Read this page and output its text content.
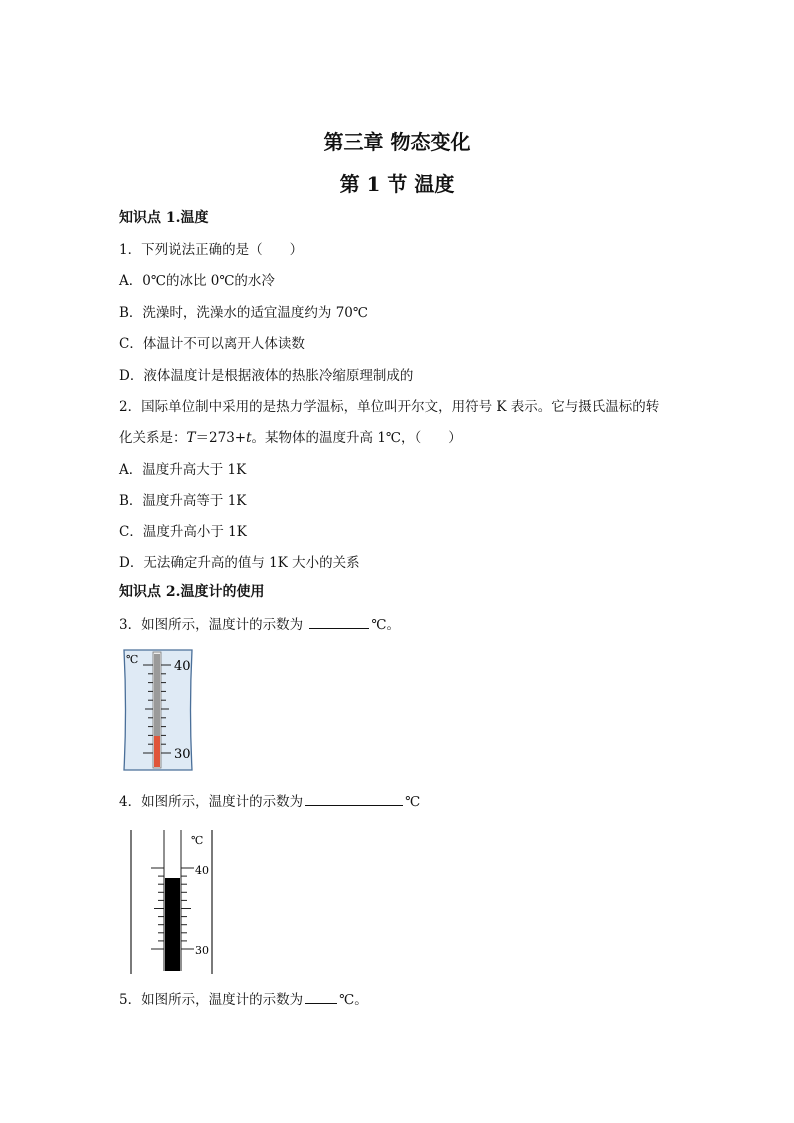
第三章 物态变化
第 1 节 温度
知识点 1.温度
1．下列说法正确的是（　　）
A．0℃的冰比 0℃的水冷
B．洗澡时，洗澡水的适宜温度约为 70℃
C．体温计不可以离开人体读数
D．液体温度计是根据液体的热胀冷缩原理制成的
2．国际单位制中采用的是热力学温标，单位叫开尔文，用符号 K 表示。它与摄氏温标的转
化关系是：T＝273+t。某物体的温度升高 1℃，（　　）
A．温度升高大于 1K
B．温度升高等于 1K
C．温度升高小于 1K
D．无法确定升高的值与 1K 大小的关系
知识点 2.温度计的使用
3．如图所示，温度计的示数为	℃。
℃	40
30
4．如图所示，温度计的示数为	℃
℃
40
30
5．如图所示，温度计的示数为	℃。
